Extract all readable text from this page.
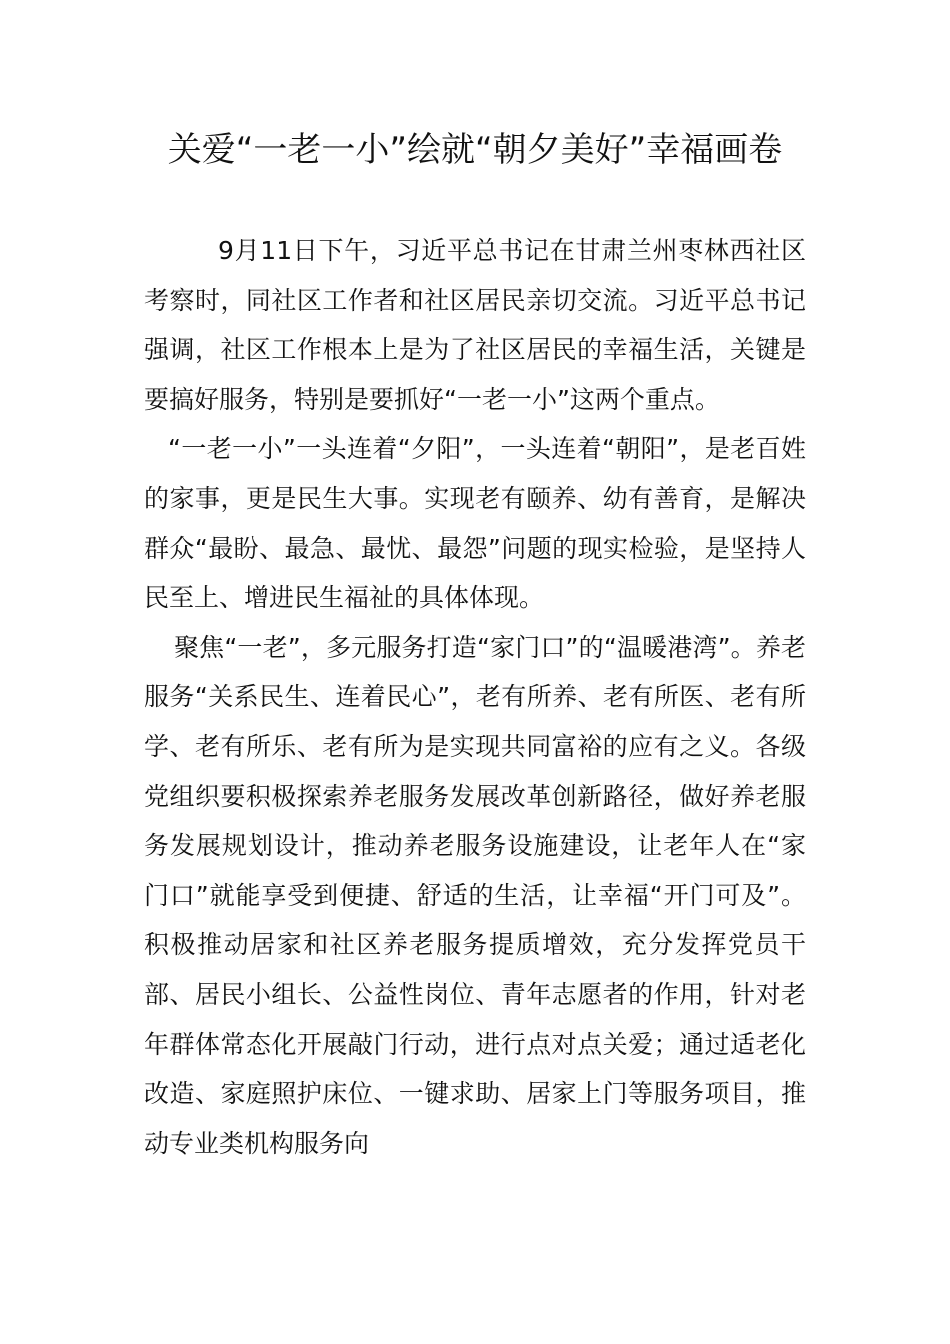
关爱“一老一小”绘就“朝夕美好”幸福画卷

9月11日下午，习近平总书记在甘肃兰州枣林西社区考察时，同社区工作者和社区居民亲切交流。习近平总书记强调，社区工作根本上是为了社区居民的幸福生活，关键是要搞好服务，特别是要抓好“一老一小”这两个重点。

“一老一小”一头连着“夕阳”，一头连着“朝阳”，是老百姓的家事，更是民生大事。实现老有颐养、幼有善育，是解决群众“最盼、最急、最忧、最怨”问题的现实检验，是坚持人民至上、增进民生福祉的具体体现。

聚焦“一老”，多元服务打造“家门口”的“温暖港湾”。养老服务“关系民生、连着民心”，老有所养、老有所医、老有所学、老有所乐、老有所为是实现共同富裕的应有之义。各级党组织要积极探索养老服务发展改革创新路径，做好养老服务发展规划设计，推动养老服务设施建设，让老年人在“家门口”就能享受到便捷、舒适的生活，让幸福“开门可及”。积极推动居家和社区养老服务提质增效，充分发挥党员干部、居民小组长、公益性岗位、青年志愿者的作用，针对老年群体常态化开展敲门行动，进行点对点关爱；通过适老化改造、家庭照护床位、一键求助、居家上门等服务项目，推动专业类机构服务向
